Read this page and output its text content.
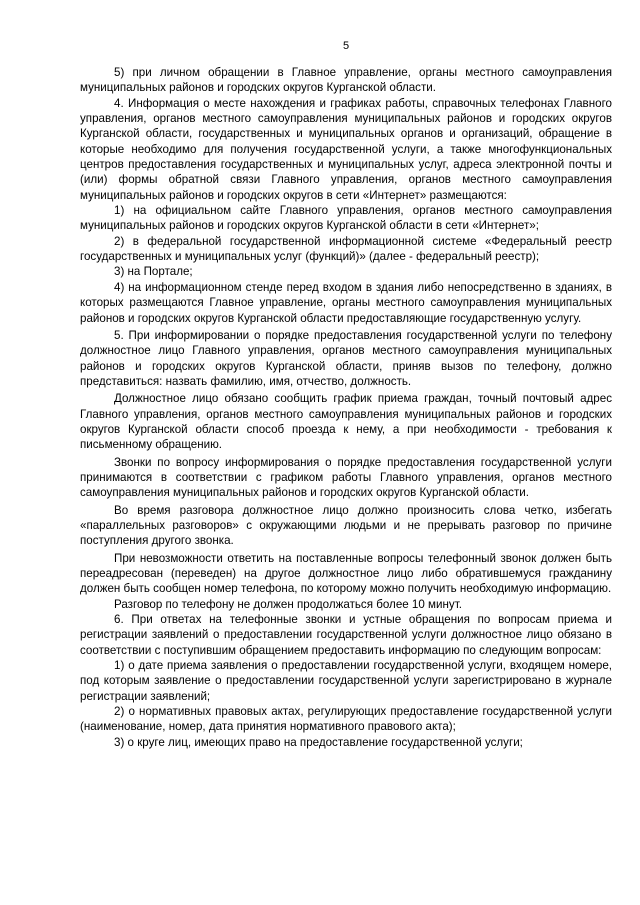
5

5) при личном обращении в Главное управление, органы местного самоуправления муниципальных районов и городских округов Курганской области.

4. Информация о месте нахождения и графиках работы, справочных телефонах Главного управления, органов местного самоуправления муниципальных районов и городских округов Курганской области, государственных и муниципальных органов и организаций, обращение в которые необходимо для получения государственной услуги, а также многофункциональных центров предоставления государственных и муниципальных услуг, адреса электронной почты и (или) формы обратной связи Главного управления, органов местного самоуправления муниципальных районов и городских округов в сети «Интернет» размещаются:

1) на официальном сайте Главного управления, органов местного самоуправления муниципальных районов и городских округов Курганской области в сети «Интернет»;

2) в федеральной государственной информационной системе «Федеральный реестр государственных и муниципальных услуг (функций)» (далее - федеральный реестр);

3) на Портале;

4) на информационном стенде перед входом в здания либо непосредственно в зданиях, в которых размещаются Главное управление, органы местного самоуправления муниципальных районов и городских округов Курганской области предоставляющие государственную услугу.

5. При информировании о порядке предоставления государственной услуги по телефону должностное лицо Главного управления, органов местного самоуправления муниципальных районов и городских округов Курганской области, приняв вызов по телефону, должно представиться: назвать фамилию, имя, отчество, должность.

Должностное лицо обязано сообщить график приема граждан, точный почтовый адрес Главного управления, органов местного самоуправления муниципальных районов и городских округов Курганской области способ проезда к нему, а при необходимости - требования к письменному обращению.

Звонки по вопросу информирования о порядке предоставления государственной услуги принимаются в соответствии с графиком работы Главного управления, органов местного самоуправления муниципальных районов и городских округов Курганской области.

Во время разговора должностное лицо должно произносить слова четко, избегать «параллельных разговоров» с окружающими людьми и не прерывать разговор по причине поступления другого звонка.

При невозможности ответить на поставленные вопросы телефонный звонок должен быть переадресован (переведен) на другое должностное лицо либо обратившемуся гражданину должен быть сообщен номер телефона, по которому можно получить необходимую информацию.

Разговор по телефону не должен продолжаться более 10 минут.

6. При ответах на телефонные звонки и устные обращения по вопросам приема и регистрации заявлений о предоставлении государственной услуги должностное лицо обязано в соответствии с поступившим обращением предоставить информацию по следующим вопросам:

1) о дате приема заявления о предоставлении государственной услуги, входящем номере, под которым заявление о предоставлении государственной услуги зарегистрировано в журнале регистрации заявлений;

2) о нормативных правовых актах, регулирующих предоставление государственной услуги (наименование, номер, дата принятия нормативного правового акта);

3) о круге лиц, имеющих право на предоставление государственной услуги;
